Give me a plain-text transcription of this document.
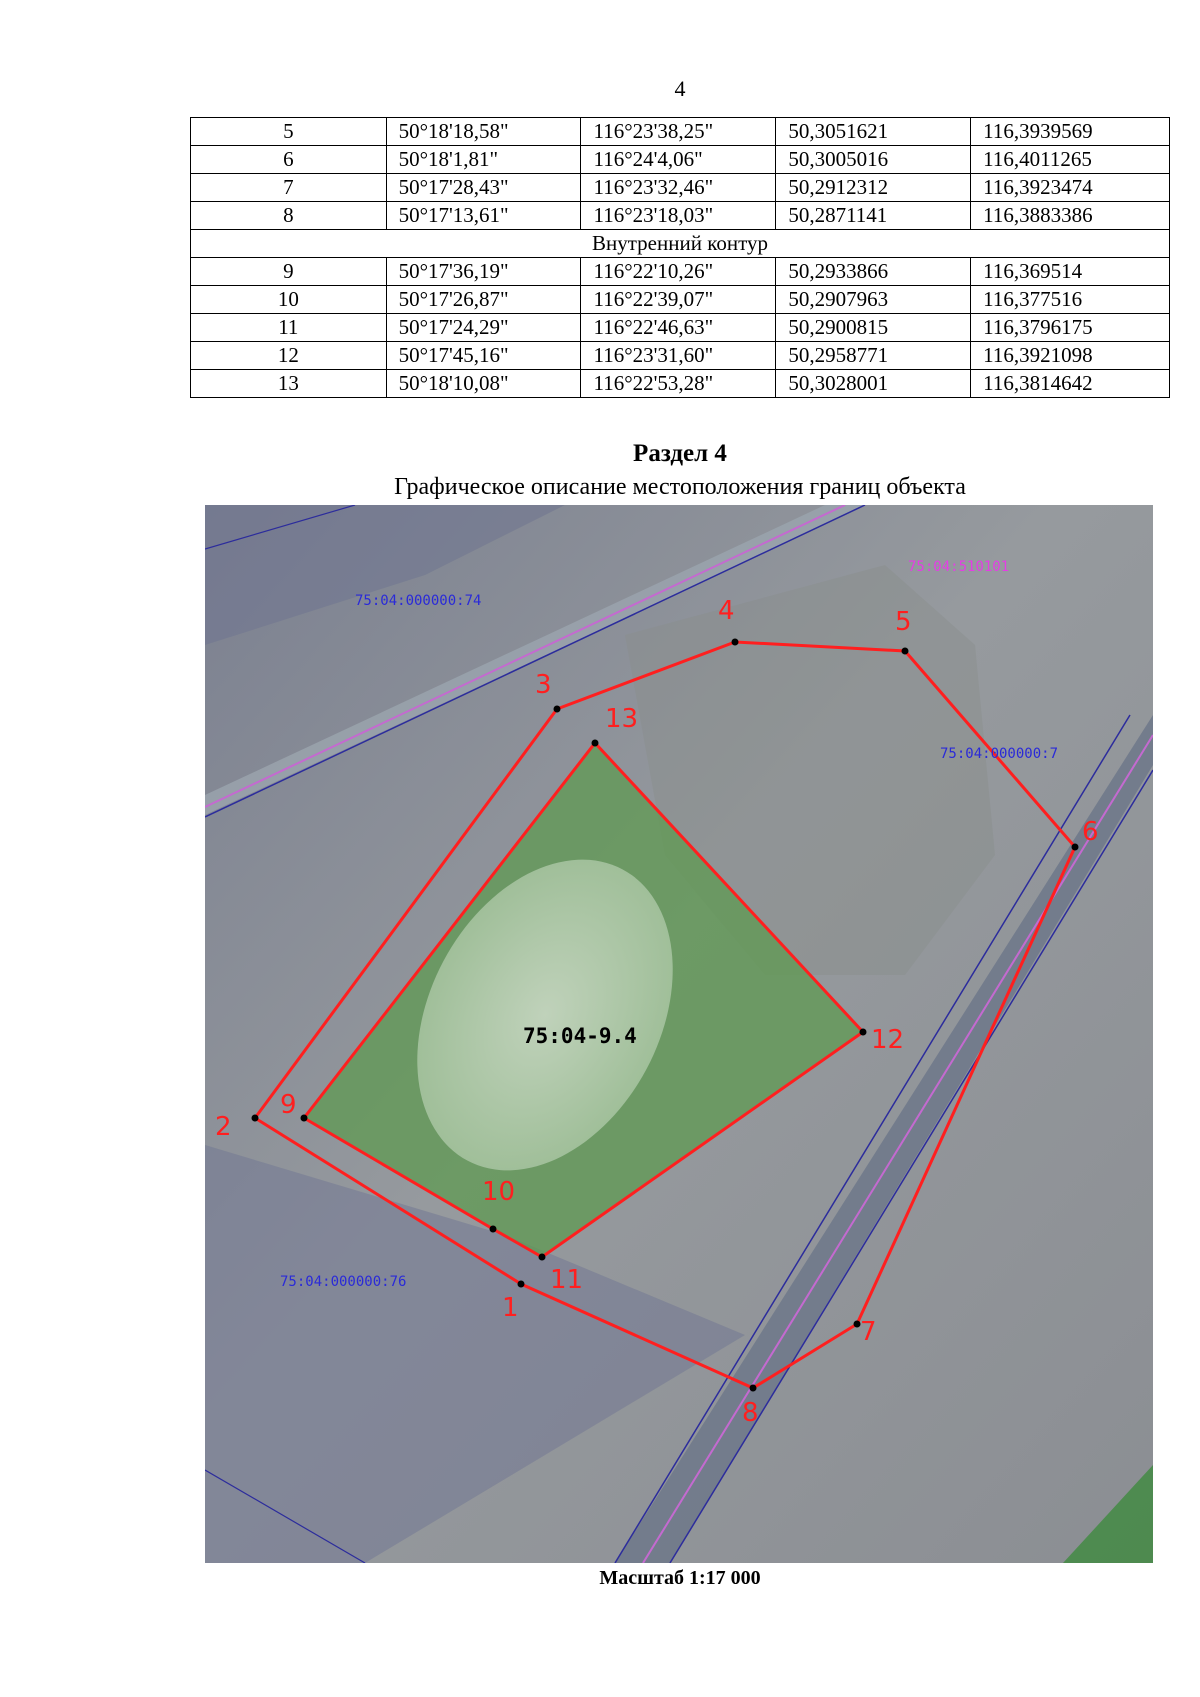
4
5	50°18'18,58"	116°23'38,25"	50,3051621	116,3939569
6	50°18'1,81"	116°24'4,06"	50,3005016	116,4011265
7	50°17'28,43"	116°23'32,46"	50,2912312	116,3923474
8	50°17'13,61"	116°23'18,03"	50,2871141	116,3883386
Внутренний контур				
9	50°17'36,19"	116°22'10,26"	50,2933866	116,369514
10	50°17'26,87"	116°22'39,07"	50,2907963	116,377516
11	50°17'24,29"	116°22'46,63"	50,2900815	116,3796175
12	50°17'45,16"	116°23'31,60"	50,2958771	116,3921098
13	50°18'10,08"	116°22'53,28"	50,3028001	116,3814642
Раздел 4
Графическое описание местоположения границ объекта
1
2
3
4	5
6
7
8
9
10
11
12
13
75:04:000000:74
75:04:000000:7
75:04:000000:76
75:04:510101
75:04-9.4
Масштаб 1:17 000
